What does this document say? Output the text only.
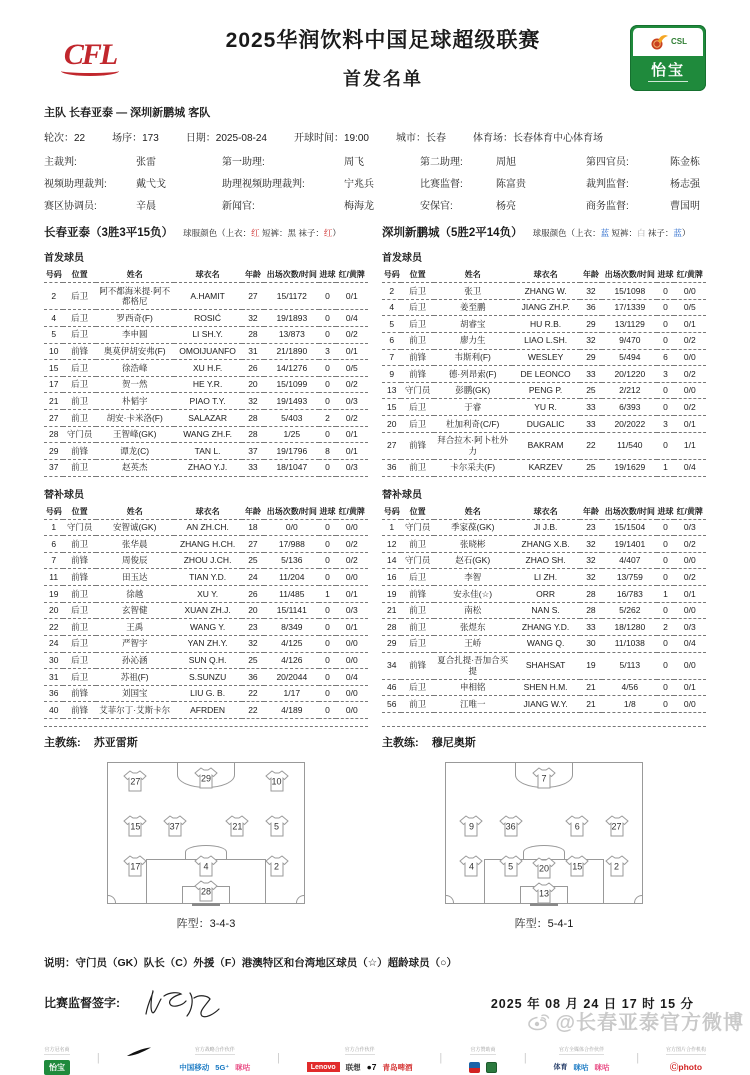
CFL	2025华润饮料中国足球超级联赛
首发名单
CSL
怡宝
主队 长春亚泰 — 深圳新鹏城 客队
轮次：22	场序：173	日期：2025-08-24	开球时间：19:00	城市：长春	体育场：长春体育中心体育场
主裁判:	张雷	第一助理:	周飞	第二助理:	周旭	第四官员:	陈金栋
视频助理裁判:	戴弋戈	助理视频助理裁判:	宁兆兵	比赛监督:	陈富贵	裁判监督:	杨志强
赛区协调员:	辛晨	新闻官:	梅海龙	安保官:	杨亮	商务监督:	曹国明
长春亚泰（3胜3平15负） 球服颜色（上衣：红 短裤：黑 袜子：红）
首发球员
号码	位置	姓名	球衣名	年龄	出场次数/时间	进球	红/黄牌
2	后卫	阿不都海米提·阿不都格尼	A.HAMIT	27	15/1172	0	0/1
4	后卫	罗西奇(F)	ROSIĆ	32	19/1893	0	0/4
5	后卫	李申圆	LI SH.Y.	28	13/873	0	0/2
10	前锋	奥莫伊胡安弗(F)	OMOIJUANFO	31	21/1890	3	0/1
15	后卫	徐浩峰	XU H.F.	26	14/1276	0	0/5
17	后卫	贺一然	HE Y.R.	20	15/1099	0	0/2
21	前卫	朴韬宇	PIAO T.Y.	32	19/1493	0	0/3
27	前卫	胡安·卡米洛(F)	SALAZAR	28	5/403	2	0/2
28	守门员	王智峰(GK)	WANG ZH.F.	28	1/25	0	0/1
29	前锋	谭龙(C)	TAN L.	37	19/1796	8	0/1
37	前卫	赵英杰	ZHAO Y.J.	33	18/1047	0	0/3
替补球员
号码	位置	姓名	球衣名	年龄	出场次数/时间	进球	红/黄牌
1	守门员	安智诚(GK)	AN ZH.CH.	18	0/0	0	0/0
6	前卫	张华晨	ZHANG H.CH.	27	17/988	0	0/2
7	前锋	周俊辰	ZHOU J.CH.	25	5/136	0	0/2
11	前锋	田玉达	TIAN Y.D.	24	11/204	0	0/0
19	前卫	徐越	XU Y.	26	11/485	1	0/1
20	后卫	玄智健	XUAN ZH.J.	20	15/1141	0	0/3
22	前卫	王禹	WANG Y.	23	8/349	0	0/1
24	后卫	严智宇	YAN ZH.Y.	32	4/125	0	0/0
30	后卫	孙沁涵	SUN Q.H.	25	4/126	0	0/0
31	后卫	苏祖(F)	S.SUNZU	36	20/2044	0	0/4
36	前锋	刘国宝	LIU G. B.	22	1/17	0	0/0
40	前锋	艾菲尔丁·艾斯卡尔	AFRDEN	22	4/189	0	0/0
主教练: 苏亚雷斯
27	29	10
15	37	21	5
17	4	2
28
阵型：3-4-3
深圳新鹏城（5胜2平14负） 球服颜色（上衣：蓝 短裤：白 袜子：蓝）
首发球员
号码	位置	姓名	球衣名	年龄	出场次数/时间	进球	红/黄牌
2	后卫	张卫	ZHANG W.	32	15/1098	0	0/0
4	后卫	姜至鹏	JIANG ZH.P.	36	17/1339	0	0/5
5	后卫	胡睿宝	HU R.B.	29	13/1129	0	0/1
6	前卫	廖力生	LIAO L.SH.	32	9/470	0	0/2
7	前锋	韦斯利(F)	WESLEY	29	5/494	6	0/0
9	前锋	德·列昂索(F)	DE LEONCO	33	20/1220	3	0/2
13	守门员	彭鹏(GK)	PENG P.	25	2/212	0	0/0
15	后卫	于睿	YU R.	33	6/393	0	0/2
20	后卫	杜加利奇(C/F)	DUGALIC	33	20/2022	3	0/1
27	前锋	拜合拉木·阿卜杜外力	BAKRAM	22	11/540	0	1/1
36	前卫	卡尔采夫(F)	KARZEV	25	19/1629	1	0/4
替补球员
号码	位置	姓名	球衣名	年龄	出场次数/时间	进球	红/黄牌
1	守门员	季家葆(GK)	JI J.B.	23	15/1504	0	0/3
12	前卫	张晓彬	ZHANG X.B.	32	19/1401	0	0/2
14	守门员	赵石(GK)	ZHAO SH.	32	4/407	0	0/0
16	后卫	李智	LI ZH.	32	13/759	0	0/2
19	前锋	安永佳(☆)	ORR	28	16/783	1	0/1
21	前卫	南松	NAN S.	28	5/262	0	0/0
28	前卫	张煜东	ZHANG Y.D.	33	18/1280	2	0/3
29	后卫	王峤	WANG Q.	30	11/1038	0	0/4
34	前锋	夏合扎提·吾加合买提	SHAHSAT	19	5/113	0	0/0
46	后卫	申相铭	SHEN H.M.	21	4/56	0	0/1
56	前卫	江唯一	JIANG W.Y.	21	1/8	0	0/0
主教练: 穆尼奥斯
7
9	36	6	27
4	5	20	15	2
13
阵型：5-4-1
说明：守门员（GK）队长（C）外援（F）港澳特区和台湾地区球员（☆）超龄球员（○）
比赛监督签字:	2025 年 08 月 24 日 17 时 15 分
官方冠名商
怡宝
|
官方战略合作伙伴
中国移动 5G⁺ 咪咕
|
官方合作伙伴
Lenovo	联想 ●7 青岛啤酒
|
官方赞助商
|
官方全媒体合作伙伴
体育 咪咕 咪咕
|
官方图片合作机构
Ⓒphoto
@长春亚泰官方微博
